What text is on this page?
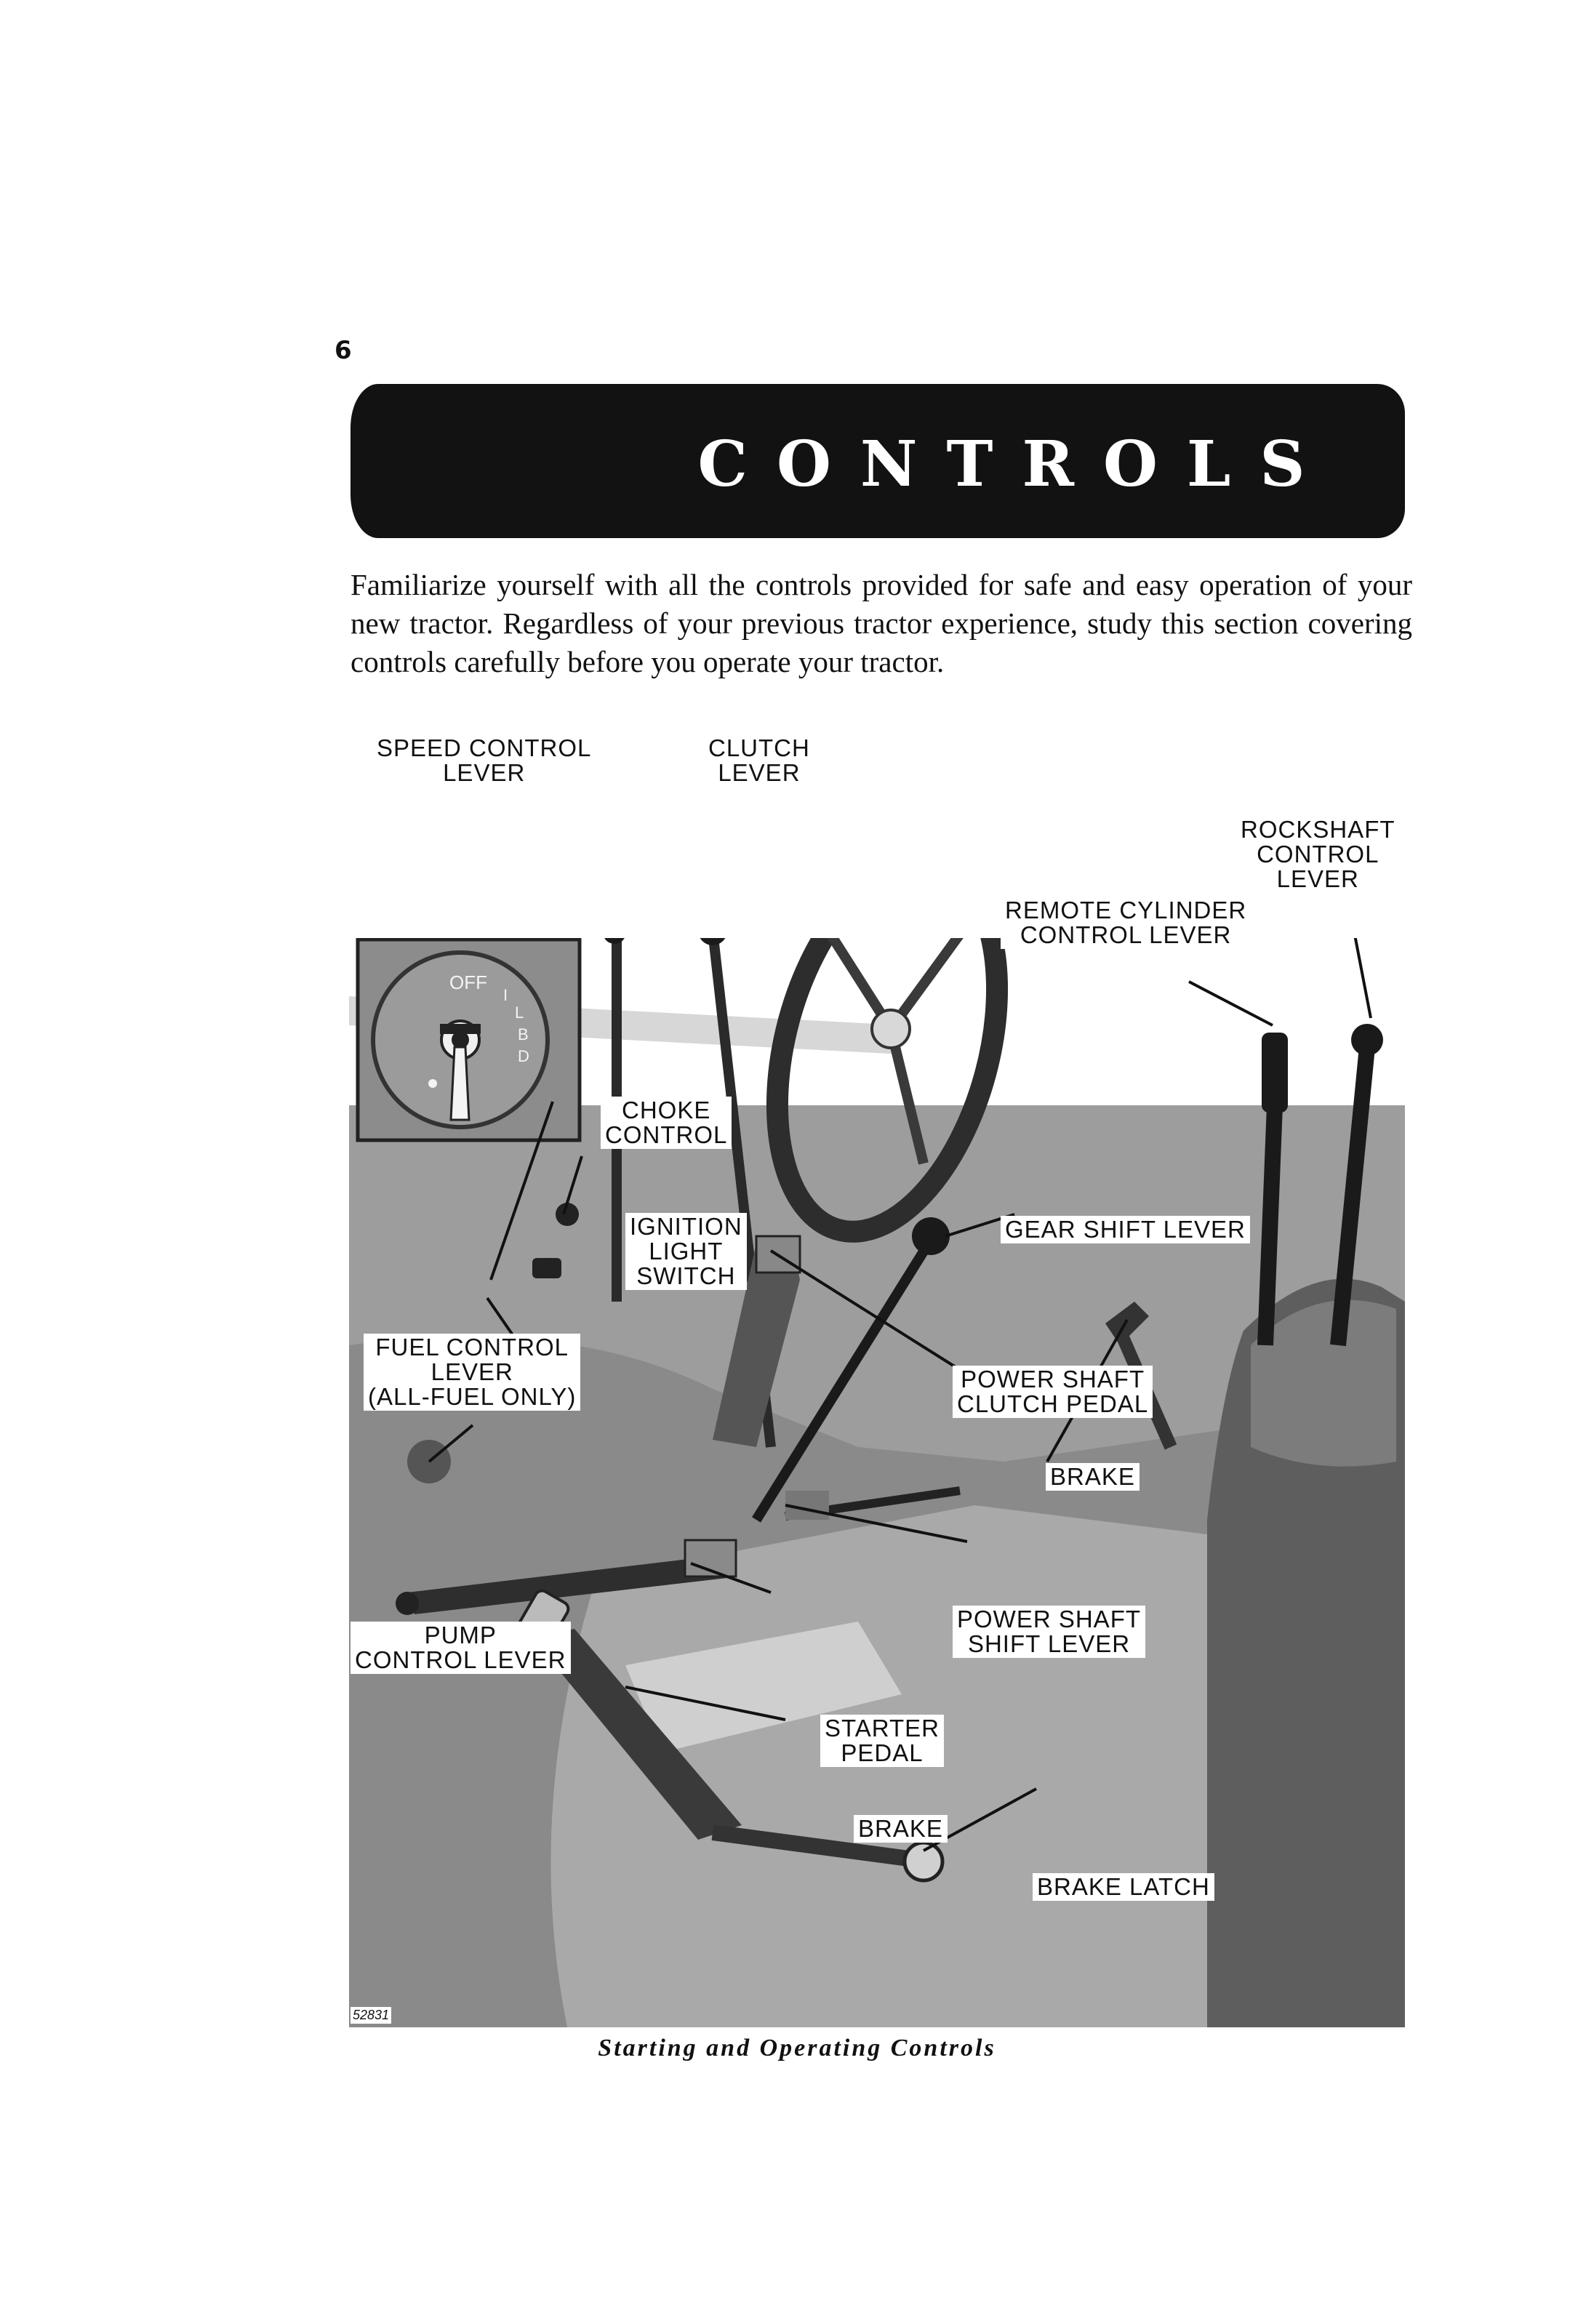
6
CONTROLS

Familiarize yourself with all the controls provided for safe and easy operation of your new tractor. Regardless of your previous tractor experience, study this section covering controls carefully before you operate your tractor.

OFF
I
L
B
D
SPEED CONTROL
LEVER
CLUTCH
LEVER
ROCKSHAFT
CONTROL
LEVER
REMOTE CYLINDER
CONTROL LEVER
CHOKE
CONTROL
IGNITION
LIGHT
SWITCH
GEAR SHIFT LEVER
FUEL CONTROL
LEVER
(ALL-FUEL ONLY)
POWER SHAFT
CLUTCH PEDAL
BRAKE
POWER SHAFT
SHIFT LEVER
PUMP
CONTROL LEVER
STARTER
PEDAL
BRAKE
BRAKE LATCH
52831
Starting and Operating Controls
